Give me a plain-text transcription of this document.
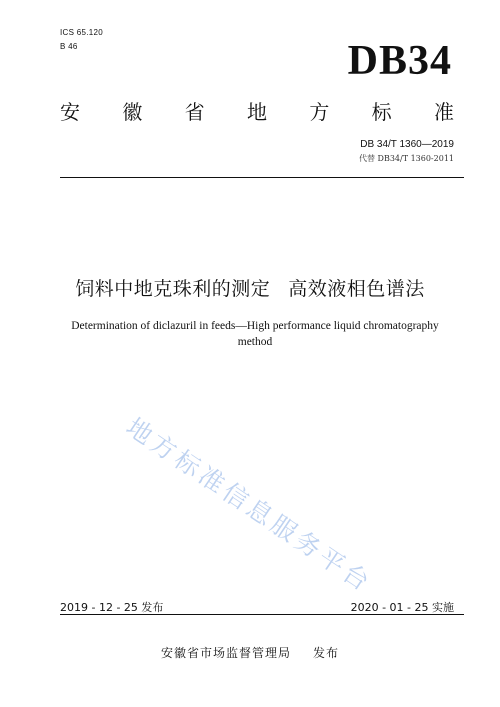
ICS 65.120
B 46	DB34
安 徽 省 地 方 标 准
DB 34/T 1360—2019
代替 DB34/T 1360-2011
饲料中地克珠利的测定 高效液相色谱法
Determination of diclazuril in feeds—High performance liquid chromatography
method
地方标准信息服务平台
2019 - 12 - 25 发布	2020 - 01 - 25 实施
安徽省市场监督管理局 发布
